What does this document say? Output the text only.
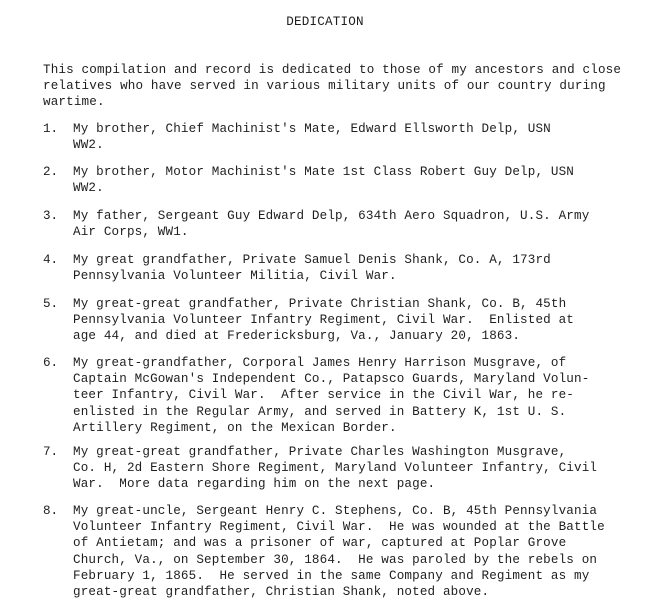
DEDICATION
This compilation and record is dedicated to those of my ancestors and close
relatives who have served in various military units of our country during
wartime.
1. My brother, Chief Machinist's Mate, Edward Ellsworth Delp, USN
WW2.
2. My brother, Motor Machinist's Mate 1st Class Robert Guy Delp, USN
WW2.
3. My father, Sergeant Guy Edward Delp, 634th Aero Squadron, U.S. Army
Air Corps, WW1.
4. My great grandfather, Private Samuel Denis Shank, Co. A, 173rd
Pennsylvania Volunteer Militia, Civil War.
5. My great-great grandfather, Private Christian Shank, Co. B, 45th
Pennsylvania Volunteer Infantry Regiment, Civil War.  Enlisted at
age 44, and died at Fredericksburg, Va., January 20, 1863.
6. My great-grandfather, Corporal James Henry Harrison Musgrave, of
Captain McGowan's Independent Co., Patapsco Guards, Maryland Volun-
teer Infantry, Civil War.  After service in the Civil War, he re-
enlisted in the Regular Army, and served in Battery K, 1st U. S.
Artillery Regiment, on the Mexican Border.
7. My great-great grandfather, Private Charles Washington Musgrave,
Co. H, 2d Eastern Shore Regiment, Maryland Volunteer Infantry, Civil
War.  More data regarding him on the next page.
8. My great-uncle, Sergeant Henry C. Stephens, Co. B, 45th Pennsylvania
Volunteer Infantry Regiment, Civil War.  He was wounded at the Battle
of Antietam; and was a prisoner of war, captured at Poplar Grove
Church, Va., on September 30, 1864.  He was paroled by the rebels on
February 1, 1865.  He served in the same Company and Regiment as my
great-great grandfather, Christian Shank, noted above.
